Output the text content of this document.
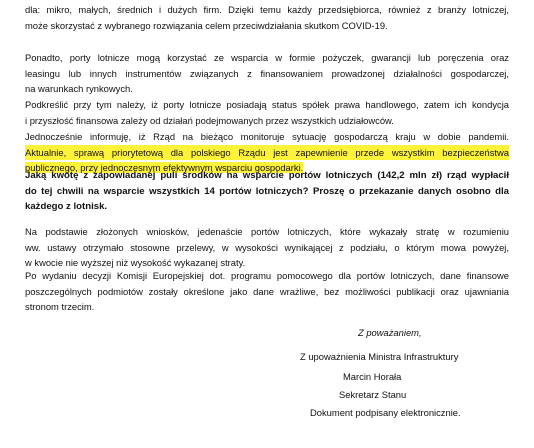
dla: mikro, małych, średnich i dużych firm. Dzięki temu każdy przedsiębiorca, również z branży lotniczej,
może skorzystać z wybranego rozwiązania celem przeciwdziałania skutkom COVID-19.

Ponadto, porty lotnicze mogą korzystać ze wsparcia w formie pożyczek, gwarancji lub poręczenia oraz
leasingu lub innych instrumentów związanych z finansowaniem prowadzonej działalności gospodarczej,
na warunkach rynkowych.

Podkreślić przy tym należy, iż porty lotnicze posiadają status spółek prawa handlowego, zatem ich kondycja
i przyszłość finansowa zależy od działań podejmowanych przez wszystkich udziałowców.

Jednocześnie informuję, iż Rząd na bieżąco monitoruje sytuację gospodarczą kraju w dobie pandemii.
Aktualnie, sprawą priorytetową dla polskiego Rządu jest zapewnienie przede wszystkim bezpieczeństwa
publicznego, przy jednoczesnym efektywnym wsparciu gospodarki.

Jaką kwotę z zapowiadanej puli środków na wsparcie portów lotniczych (142,2 mln zł) rząd wypłacił
do tej chwili na wsparcie wszystkich 14 portów lotniczych? Proszę o przekazanie danych osobno dla
każdego z lotnisk.

Na podstawie złożonych wniosków, jedenaście portów lotniczych, które wykazały stratę w rozumieniu
ww. ustawy otrzymało stosowne przelewy, w wysokości wynikającej z podziału, o którym mowa powyżej,
w kwocie nie wyższej niż wysokość wykazanej straty.

Po wydaniu decyzji Komisji Europejskiej dot. programu pomocowego dla portów lotniczych, dane finansowe
poszczególnych podmiotów zostały określone jako dane wrażliwe, bez możliwości publikacji oraz ujawniania
stronom trzecim.

Z poważaniem,
Z upoważnienia Ministra Infrastruktury
Marcin Horała
Sekretarz Stanu
Dokument podpisany elektronicznie.
